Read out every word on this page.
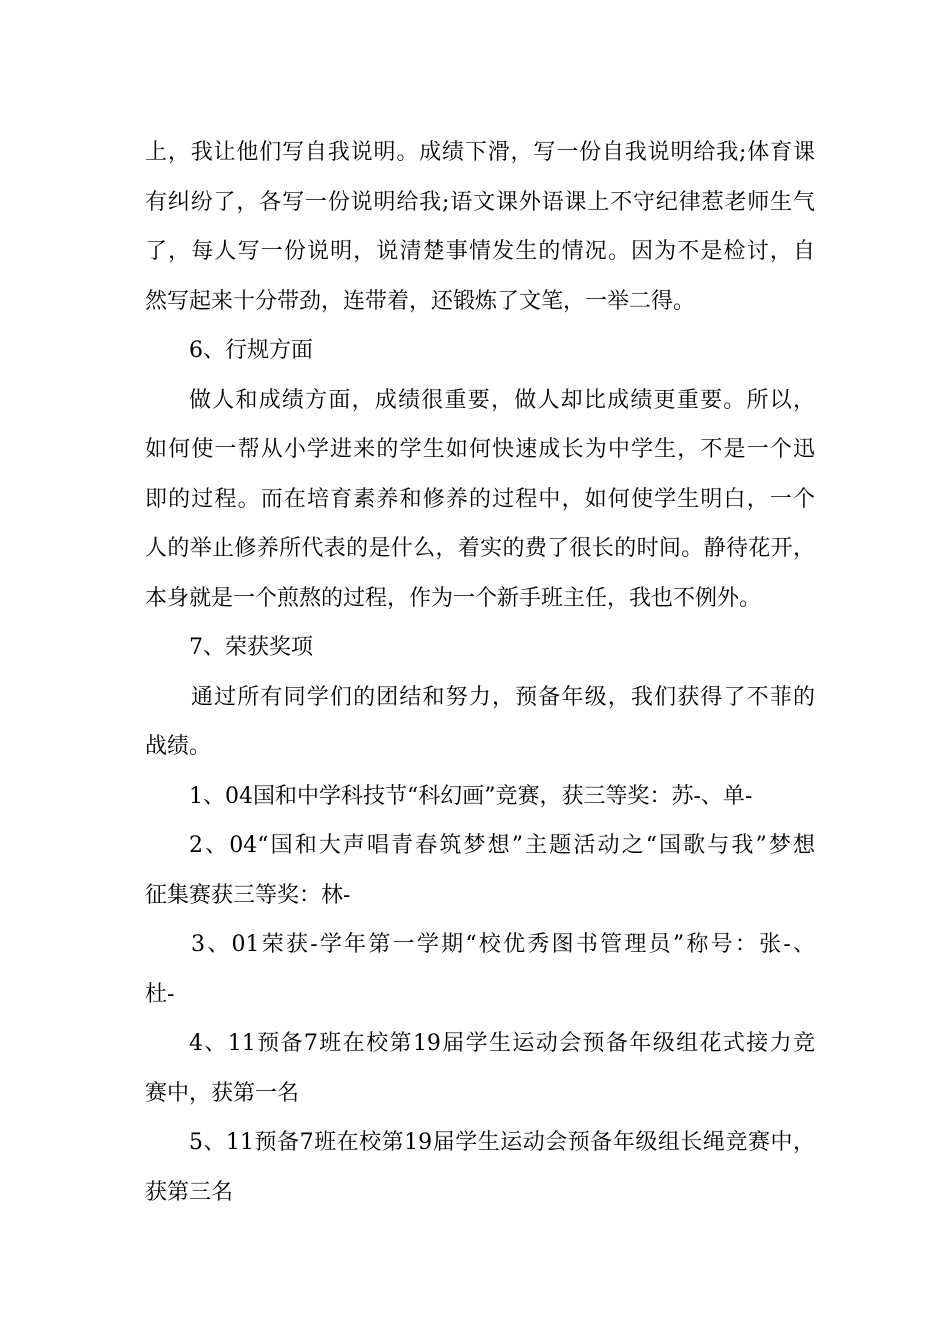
上，我让他们写自我说明。成绩下滑，写一份自我说明给我;体育课
有纠纷了，各写一份说明给我;语文课外语课上不守纪律惹老师生气
了，每人写一份说明，说清楚事情发生的情况。因为不是检讨，自
然写起来十分带劲，连带着，还锻炼了文笔，一举二得。
6、行规方面
做人和成绩方面，成绩很重要，做人却比成绩更重要。所以，
如何使一帮从小学进来的学生如何快速成长为中学生，不是一个迅
即的过程。而在培育素养和修养的过程中，如何使学生明白，一个
人的举止修养所代表的是什么，着实的费了很长的时间。静待花开，
本身就是一个煎熬的过程，作为一个新手班主任，我也不例外。
7、荣获奖项
通过所有同学们的团结和努力，预备年级，我们获得了不菲的
战绩。
1、04国和中学科技节“科幻画”竞赛，获三等奖：苏-、单-
2、04“国和大声唱青春筑梦想”主题活动之“国歌与我”梦想
征集赛获三等奖：林-
3、01荣获-学年第一学期“校优秀图书管理员”称号：张-、
杜-
4、11预备7班在校第19届学生运动会预备年级组花式接力竞
赛中，获第一名
5、11预备7班在校第19届学生运动会预备年级组长绳竞赛中，
获第三名
